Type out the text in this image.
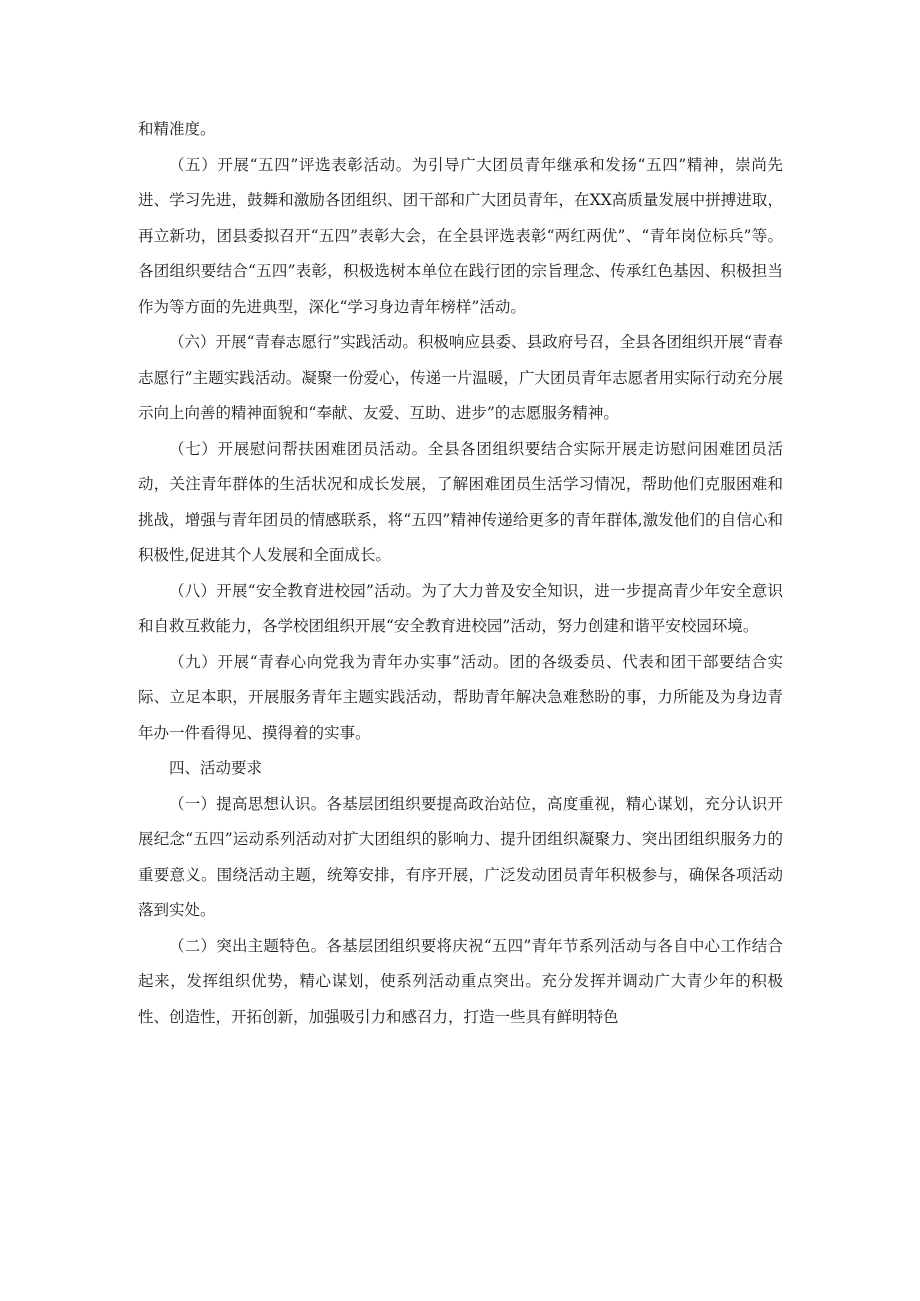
和精准度。

（五）开展“五四”评选表彰活动。为引导广大团员青年继承和发扬“五四”精神，崇尚先进、学习先进，鼓舞和激励各团组织、团干部和广大团员青年，在XX高质量发展中拼搏进取，再立新功，团县委拟召开“五四”表彰大会，在全县评选表彰“两红两优”、“青年岗位标兵”等。各团组织要结合“五四”表彰，积极选树本单位在践行团的宗旨理念、传承红色基因、积极担当作为等方面的先进典型，深化“学习身边青年榜样”活动。

（六）开展“青春志愿行”实践活动。积极响应县委、县政府号召，全县各团组织开展“青春志愿行”主题实践活动。凝聚一份爱心，传递一片温暖，广大团员青年志愿者用实际行动充分展示向上向善的精神面貌和“奉献、友爱、互助、进步”的志愿服务精神。

（七）开展慰问帮扶困难团员活动。全县各团组织要结合实际开展走访慰问困难团员活动，关注青年群体的生活状况和成长发展，了解困难团员生活学习情况，帮助他们克服困难和挑战，增强与青年团员的情感联系，将“五四”精神传递给更多的青年群体,激发他们的自信心和积极性,促进其个人发展和全面成长。

（八）开展“安全教育进校园”活动。为了大力普及安全知识，进一步提高青少年安全意识和自救互救能力，各学校团组织开展“安全教育进校园”活动，努力创建和谐平安校园环境。

（九）开展“青春心向党我为青年办实事”活动。团的各级委员、代表和团干部要结合实际、立足本职，开展服务青年主题实践活动，帮助青年解决急难愁盼的事，力所能及为身边青年办一件看得见、摸得着的实事。

四、活动要求

（一）提高思想认识。各基层团组织要提高政治站位，高度重视，精心谋划，充分认识开展纪念“五四”运动系列活动对扩大团组织的影响力、提升团组织凝聚力、突出团组织服务力的重要意义。围绕活动主题，统筹安排，有序开展，广泛发动团员青年积极参与，确保各项活动落到实处。

（二）突出主题特色。各基层团组织要将庆祝“五四”青年节系列活动与各自中心工作结合起来，发挥组织优势，精心谋划，使系列活动重点突出。充分发挥并调动广大青少年的积极性、创造性，开拓创新，加强吸引力和感召力，打造一些具有鲜明特色
